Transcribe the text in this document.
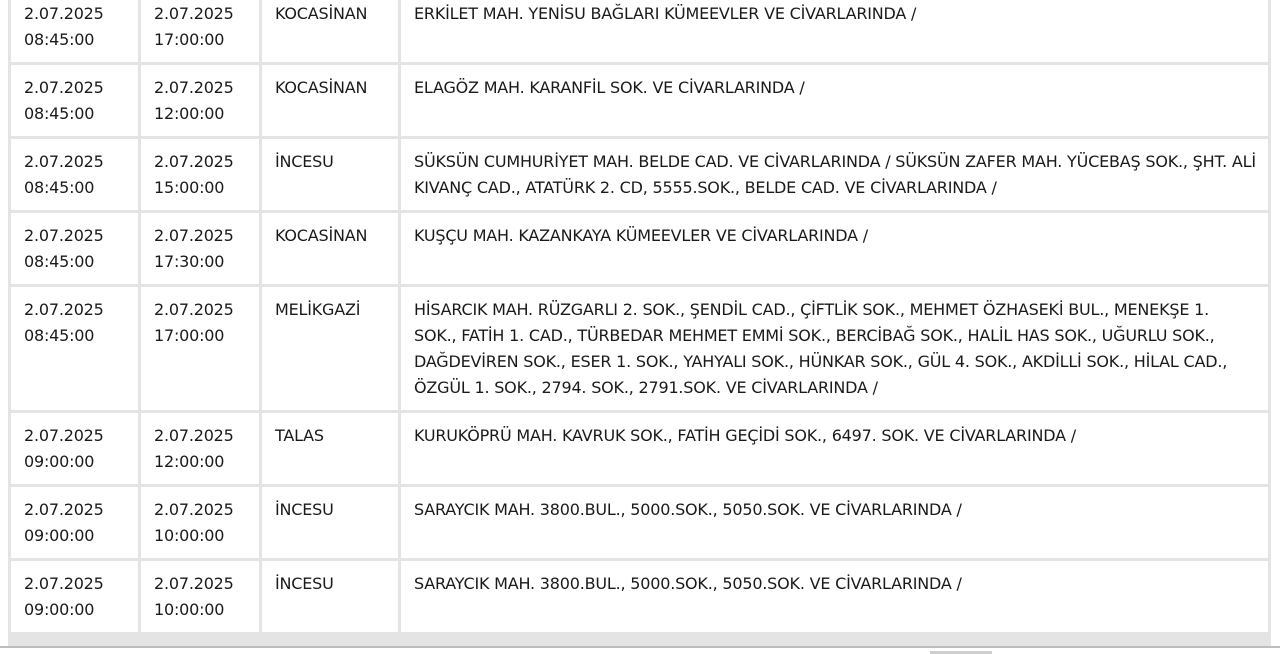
2.07.2025
08:45:00	2.07.2025
17:00:00	KOCASİNAN	ERKİLET MAH. YENİSU BAĞLARI KÜMEEVLER VE CİVARLARINDA /
2.07.2025
08:45:00	2.07.2025
12:00:00	KOCASİNAN	ELAGÖZ MAH. KARANFİL SOK. VE CİVARLARINDA /
2.07.2025
08:45:00	2.07.2025
15:00:00	İNCESU	SÜKSÜN CUMHURİYET MAH. BELDE CAD. VE CİVARLARINDA / SÜKSÜN ZAFER MAH. YÜCEBAŞ SOK., ŞHT. ALİ KIVANÇ CAD., ATATÜRK 2. CD, 5555.SOK., BELDE CAD. VE CİVARLARINDA /
2.07.2025
08:45:00	2.07.2025
17:30:00	KOCASİNAN	KUŞÇU MAH. KAZANKAYA KÜMEEVLER VE CİVARLARINDA /
2.07.2025
08:45:00	2.07.2025
17:00:00	MELİKGAZİ	HİSARCIK MAH. RÜZGARLI 2. SOK., ŞENDİL CAD., ÇİFTLİK SOK., MEHMET ÖZHASEKİ BUL., MENEKŞE 1. SOK., FATİH 1. CAD., TÜRBEDAR MEHMET EMMİ SOK., BERCİBAĞ SOK., HALİL HAS SOK., UĞURLU SOK., DAĞDEVİREN SOK., ESER 1. SOK., YAHYALI SOK., HÜNKAR SOK., GÜL 4. SOK., AKDİLLİ SOK., HİLAL CAD., ÖZGÜL 1. SOK., 2794. SOK., 2791.SOK. VE CİVARLARINDA /
2.07.2025
09:00:00	2.07.2025
12:00:00	TALAS	KURUKÖPRÜ MAH. KAVRUK SOK., FATİH GEÇİDİ SOK., 6497. SOK. VE CİVARLARINDA /
2.07.2025
09:00:00	2.07.2025
10:00:00	İNCESU	SARAYCIK MAH. 3800.BUL., 5000.SOK., 5050.SOK. VE CİVARLARINDA /
2.07.2025
09:00:00	2.07.2025
10:00:00	İNCESU	SARAYCIK MAH. 3800.BUL., 5000.SOK., 5050.SOK. VE CİVARLARINDA /
